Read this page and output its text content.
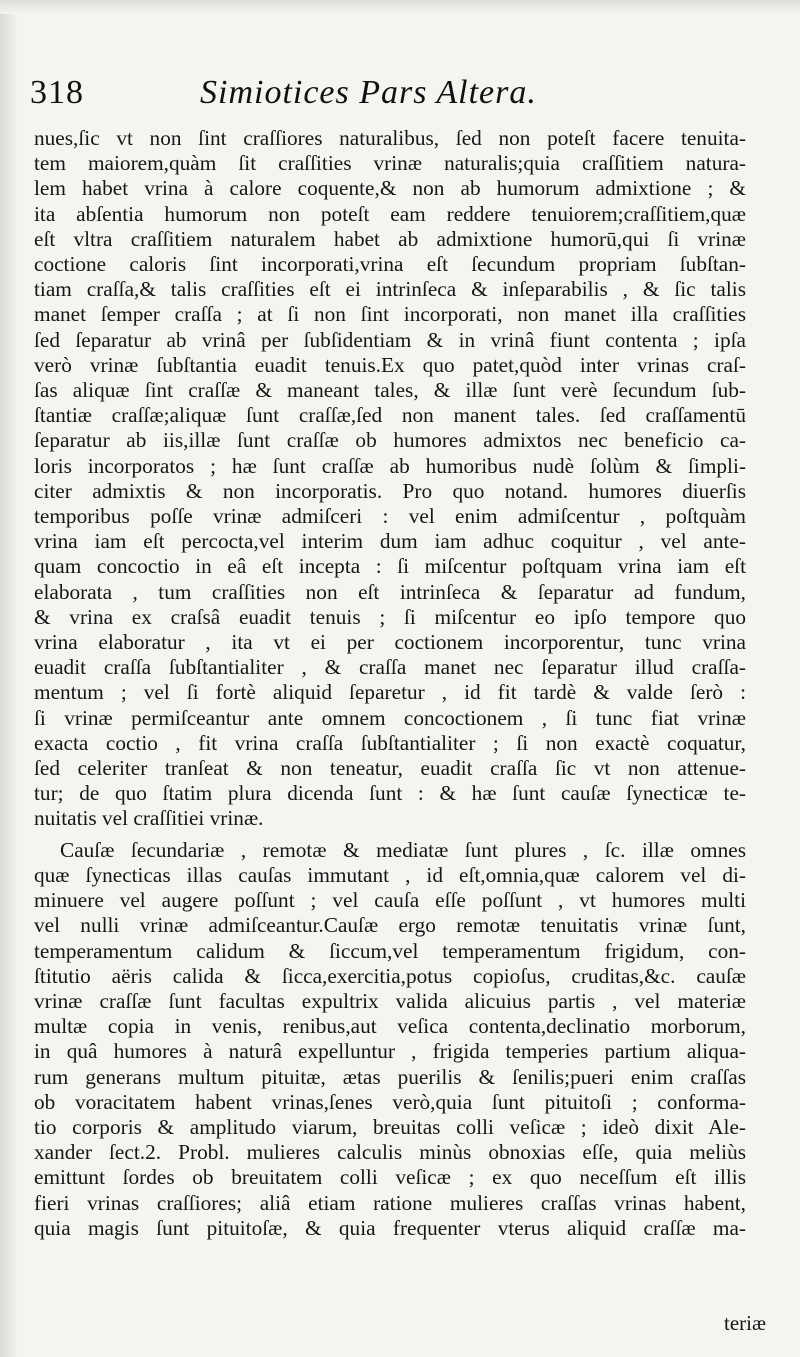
318	Simiotices Pars Altera.
nues,ſic vt non ſint craſſiores naturalibus, ſed non poteſt facere tenuita-
tem maiorem,quàm ſit craſſities vrinæ naturalis;quia craſſitiem natura-
lem habet vrina à calore coquente,& non ab humorum admixtione ; &
ita abſentia humorum non poteſt eam reddere tenuiorem;craſſitiem,quæ
eſt vltra craſſitiem naturalem habet ab admixtione humorū,qui ſi vrinæ
coctione caloris ſint incorporati,vrina eſt ſecundum propriam ſubſtan-
tiam craſſa,& talis craſſities eſt ei intrinſeca & inſeparabilis , & ſic talis
manet ſemper craſſa ; at ſi non ſint incorporati, non manet illa craſſities
ſed ſeparatur ab vrinâ per ſubſidentiam & in vrinâ fiunt contenta ; ipſa
verò vrinæ ſubſtantia euadit tenuis.Ex quo patet,quòd inter vrinas craſ-
ſas aliquæ ſint craſſæ & maneant tales, & illæ ſunt verè ſecundum ſub-
ſtantiæ craſſæ;aliquæ ſunt craſſæ,ſed non manent tales. ſed craſſamentū
ſeparatur ab iis,illæ ſunt craſſæ ob humores admixtos nec beneficio ca-
loris incorporatos ; hæ ſunt craſſæ ab humoribus nudè ſolùm & ſimpli-
citer admixtis & non incorporatis. Pro quo notand. humores diuerſis
temporibus poſſe vrinæ admiſceri : vel enim admiſcentur , poſtquàm
vrina iam eſt percocta,vel interim dum iam adhuc coquitur , vel ante-
quam concoctio in eâ eſt incepta : ſi miſcentur poſtquam vrina iam eſt
elaborata , tum craſſities non eſt intrinſeca & ſeparatur ad fundum,
& vrina ex craſsâ euadit tenuis ; ſi miſcentur eo ipſo tempore quo
vrina elaboratur , ita vt ei per coctionem incorporentur, tunc vrina
euadit craſſa ſubſtantialiter , & craſſa manet nec ſeparatur illud craſſa-
mentum ; vel ſi fortè aliquid ſeparetur , id fit tardè & valde ſerò :
ſi vrinæ permiſceantur ante omnem concoctionem , ſi tunc fiat vrinæ
exacta coctio , fit vrina craſſa ſubſtantialiter ; ſi non exactè coquatur,
ſed celeriter tranſeat & non teneatur, euadit craſſa ſic vt non attenue-
tur; de quo ſtatim plura dicenda ſunt : & hæ ſunt cauſæ ſynecticæ te-
nuitatis vel craſſitiei vrinæ.
Cauſæ ſecundariæ , remotæ & mediatæ ſunt plures , ſc. illæ omnes
quæ ſynecticas illas cauſas immutant , id eſt,omnia,quæ calorem vel di-
minuere vel augere poſſunt ; vel cauſa eſſe poſſunt , vt humores multi
vel nulli vrinæ admiſceantur.Cauſæ ergo remotæ tenuitatis vrinæ ſunt,
temperamentum calidum & ſiccum,vel temperamentum frigidum, con-
ſtitutio aëris calida & ſicca,exercitia,potus copioſus, cruditas,&c. cauſæ
vrinæ craſſæ ſunt facultas expultrix valida alicuius partis , vel materiæ
multæ copia in venis, renibus,aut veſica contenta,declinatio morborum,
in quâ humores à naturâ expelluntur , frigida temperies partium aliqua-
rum generans multum pituitæ, ætas puerilis & ſenilis;pueri enim craſſas
ob voracitatem habent vrinas,ſenes verò,quia ſunt pituitoſi ; conforma-
tio corporis & amplitudo viarum, breuitas colli veſicæ ; ideò dixit Ale-
xander ſect.2. Probl. mulieres calculis minùs obnoxias eſſe, quia meliùs
emittunt ſordes ob breuitatem colli veſicæ ; ex quo neceſſum eſt illis
fieri vrinas craſſiores; aliâ etiam ratione mulieres craſſas vrinas habent,
quia magis ſunt pituitoſæ, & quia frequenter vterus aliquid craſſæ ma-
teriæ
